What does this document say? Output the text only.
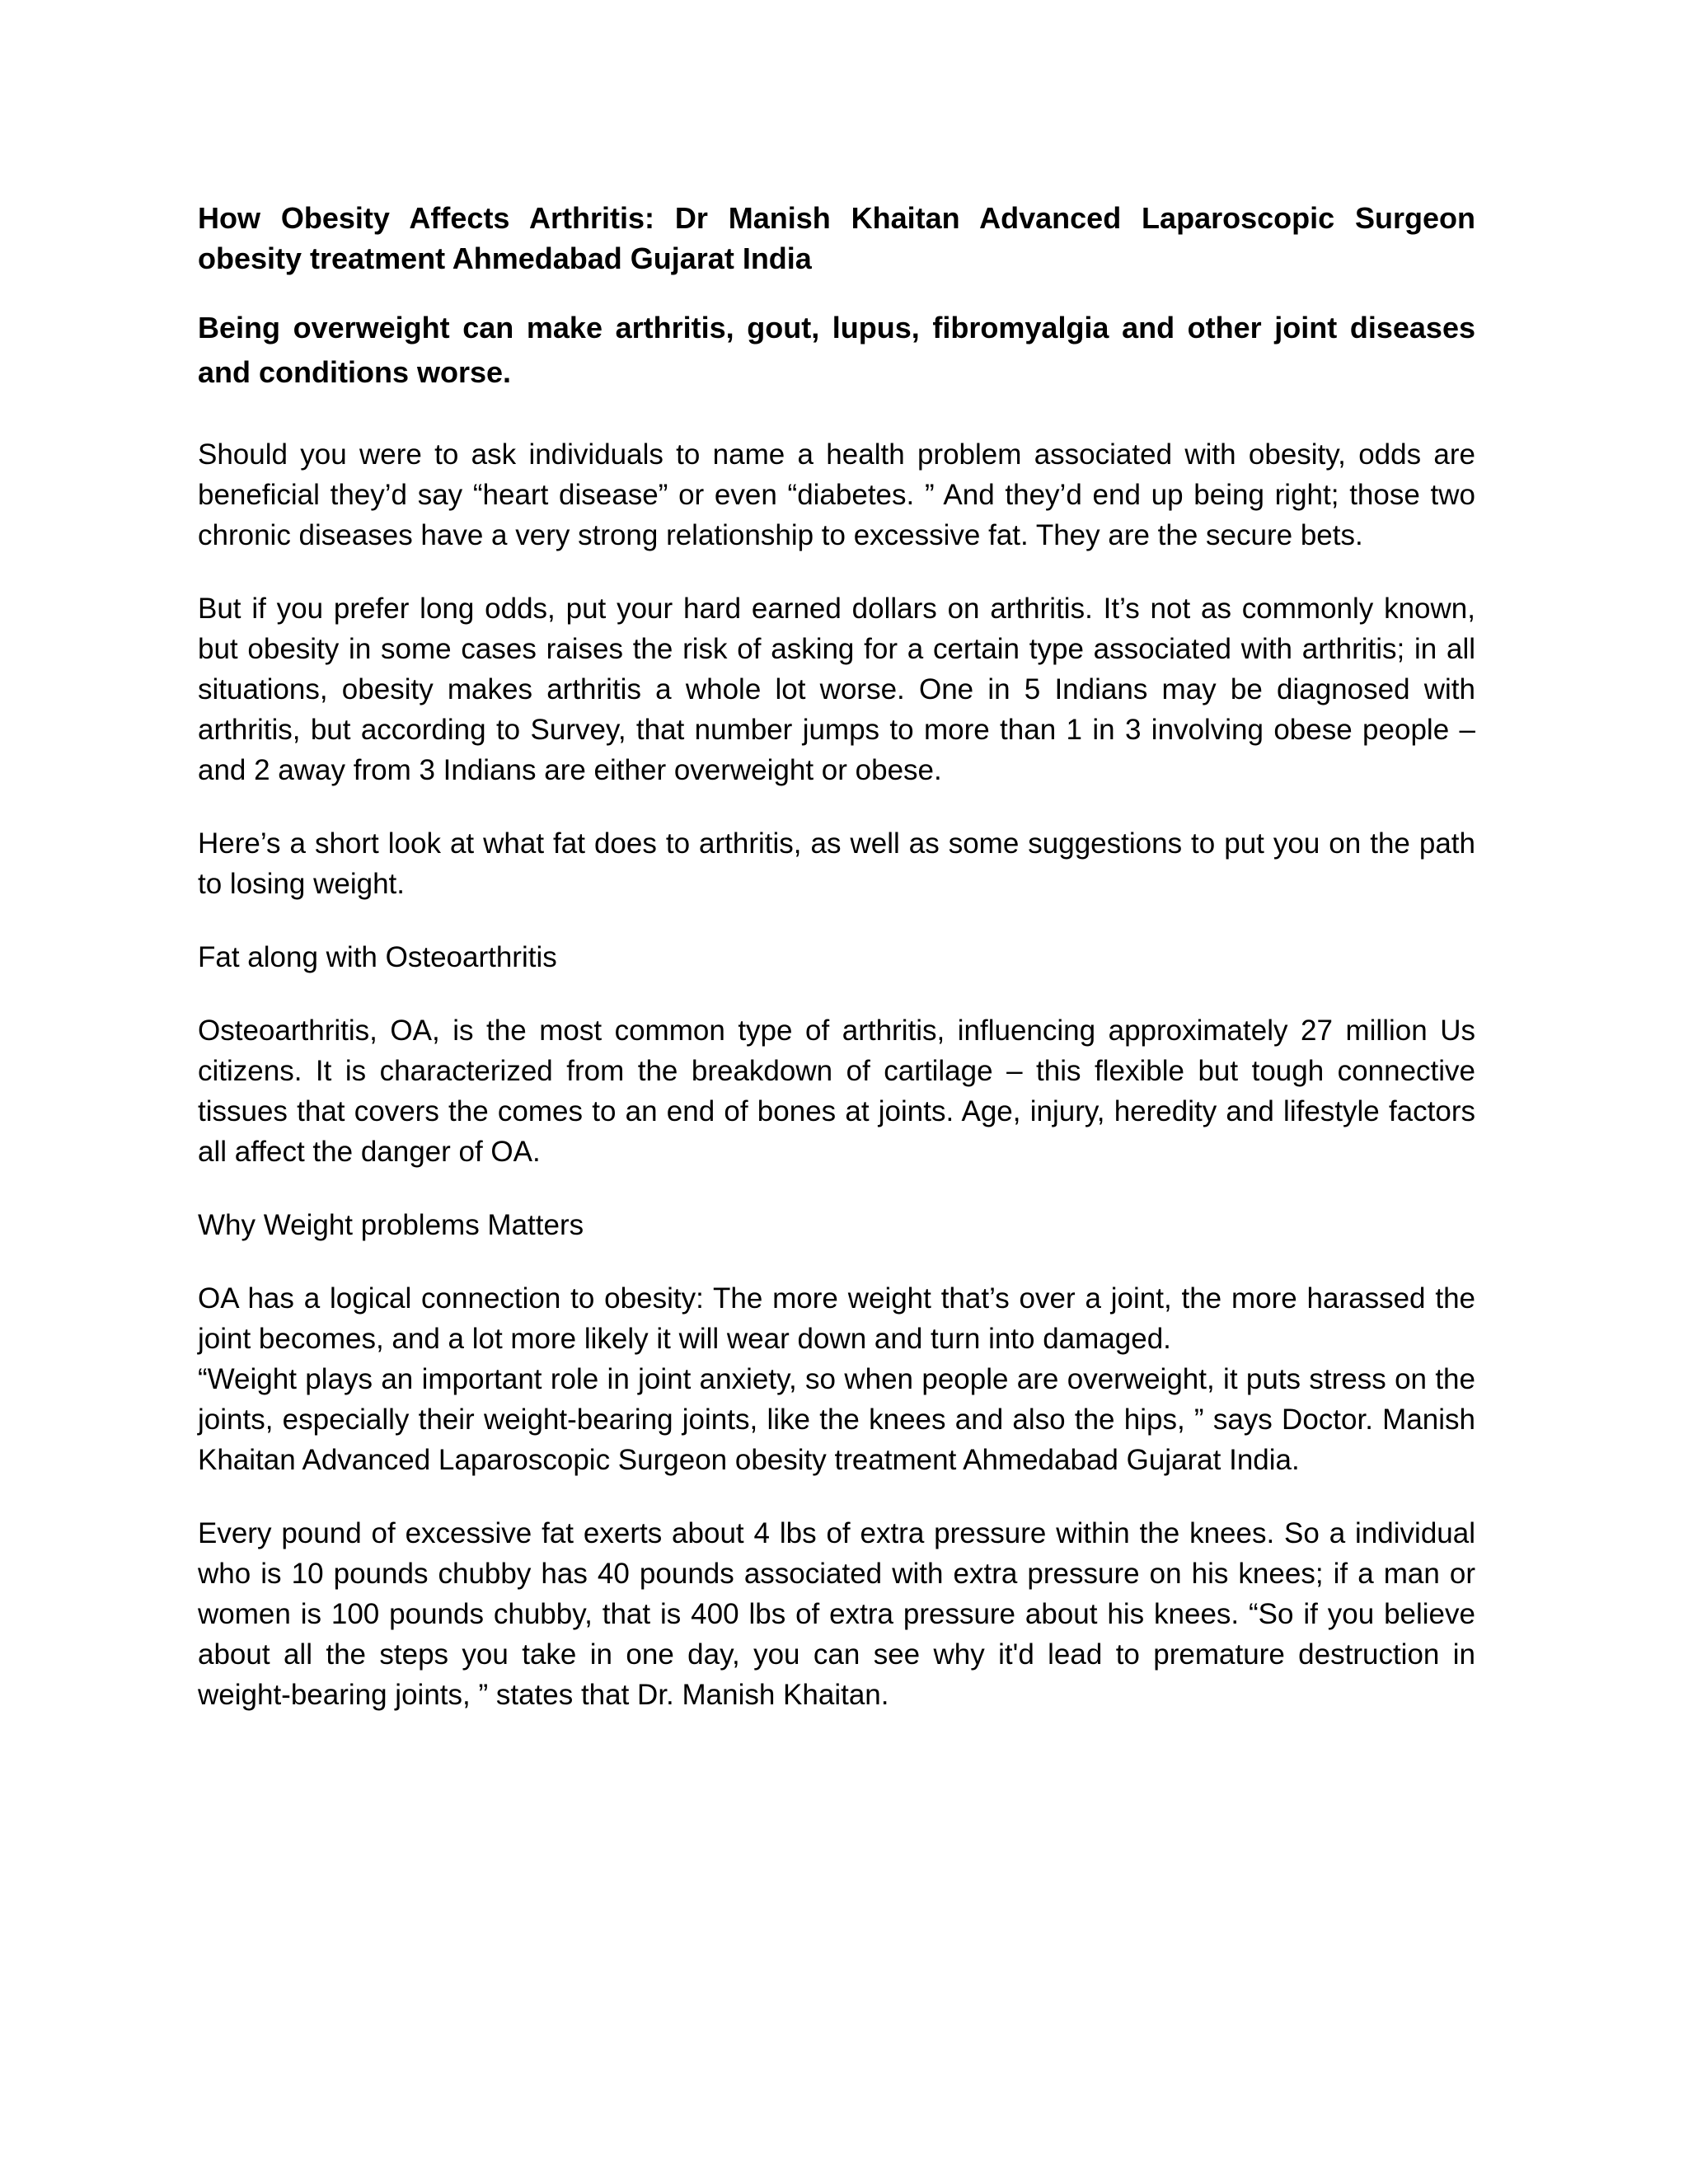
How Obesity Affects Arthritis: Dr Manish Khaitan Advanced Laparoscopic Surgeon obesity treatment Ahmedabad Gujarat India
Being overweight can make arthritis, gout, lupus, fibromyalgia and other joint diseases and conditions worse.

Should you were to ask individuals to name a health problem associated with obesity, odds are beneficial they’d say “heart disease” or even “diabetes. ” And they’d end up being right; those two chronic diseases have a very strong relationship to excessive fat. They are the secure bets.

But if you prefer long odds, put your hard earned dollars on arthritis. It’s not as commonly known, but obesity in some cases raises the risk of asking for a certain type associated with arthritis; in all situations, obesity makes arthritis a whole lot worse. One in 5 Indians may be diagnosed with arthritis, but according to Survey, that number jumps to more than 1 in 3 involving obese people – and 2 away from 3 Indians are either overweight or obese.

Here’s a short look at what fat does to arthritis, as well as some suggestions to put you on the path to losing weight.

Fat along with Osteoarthritis

Osteoarthritis, OA, is the most common type of arthritis, influencing approximately 27 million Us citizens. It is characterized from the breakdown of cartilage – this flexible but tough connective tissues that covers the comes to an end of bones at joints. Age, injury, heredity and lifestyle factors all affect the danger of OA.

Why Weight problems Matters

OA has a logical connection to obesity: The more weight that’s over a joint, the more harassed the joint becomes, and a lot more likely it will wear down and turn into damaged.

“Weight plays an important role in joint anxiety, so when people are overweight, it puts stress on the joints, especially their weight-bearing joints, like the knees and also the hips, ” says Doctor. Manish Khaitan Advanced Laparoscopic Surgeon obesity treatment Ahmedabad Gujarat India.

Every pound of excessive fat exerts about 4 lbs of extra pressure within the knees. So a individual who is 10 pounds chubby has 40 pounds associated with extra pressure on his knees; if a man or women is 100 pounds chubby, that is 400 lbs of extra pressure about his knees. “So if you believe about all the steps you take in one day, you can see why it'd lead to premature destruction in weight-bearing joints, ” states that Dr. Manish Khaitan.
